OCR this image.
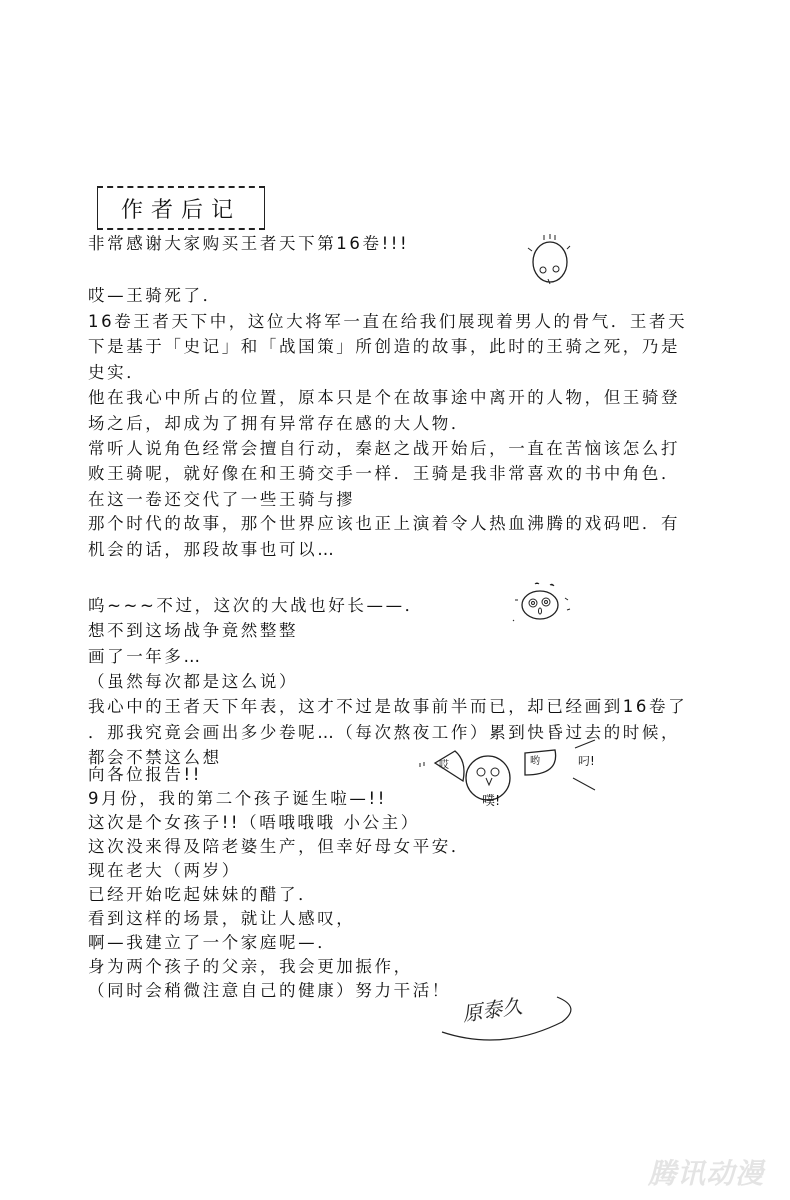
作者后记
非常感谢大家购买王者天下第16卷!!!
哎—王骑死了．
16卷王者天下中，这位大将军一直在给我们展现着男人的骨气．王者天
下是基于「史记」和「战国策」所创造的故事，此时的王骑之死，乃是
史实．
他在我心中所占的位置，原本只是个在故事途中离开的人物，但王骑登
场之后，却成为了拥有异常存在感的大人物．
常听人说角色经常会擅自行动，秦赵之战开始后，一直在苦恼该怎么打
败王骑呢，就好像在和王骑交手一样．王骑是我非常喜欢的书中角色．
在这一卷还交代了一些王骑与摎
那个时代的故事，那个世界应该也正上演着令人热血沸腾的戏码吧．有
机会的话，那段故事也可以…
呜~~~不过，这次的大战也好长——．
想不到这场战争竟然整整
画了一年多…
（虽然每次都是这么说）
我心中的王者天下年表，这才不过是故事前半而已，却已经画到16卷了
．那我究竟会画出多少卷呢…（每次熬夜工作）累到快昏过去的时候，
都会不禁这么想
向各位报告!!
9月份，我的第二个孩子诞生啦—!!
这次是个女孩子!!（唔哦哦哦 小公主）
这次没来得及陪老婆生产，但幸好母女平安．
现在老大（两岁）
已经开始吃起妹妹的醋了．
看到这样的场景，就让人感叹，
啊—我建立了一个家庭呢—．
身为两个孩子的父亲，我会更加振作，
（同时会稍微注意自己的健康）努力干活！
哎	哟
噗!
叼!
原泰久
腾讯动漫
